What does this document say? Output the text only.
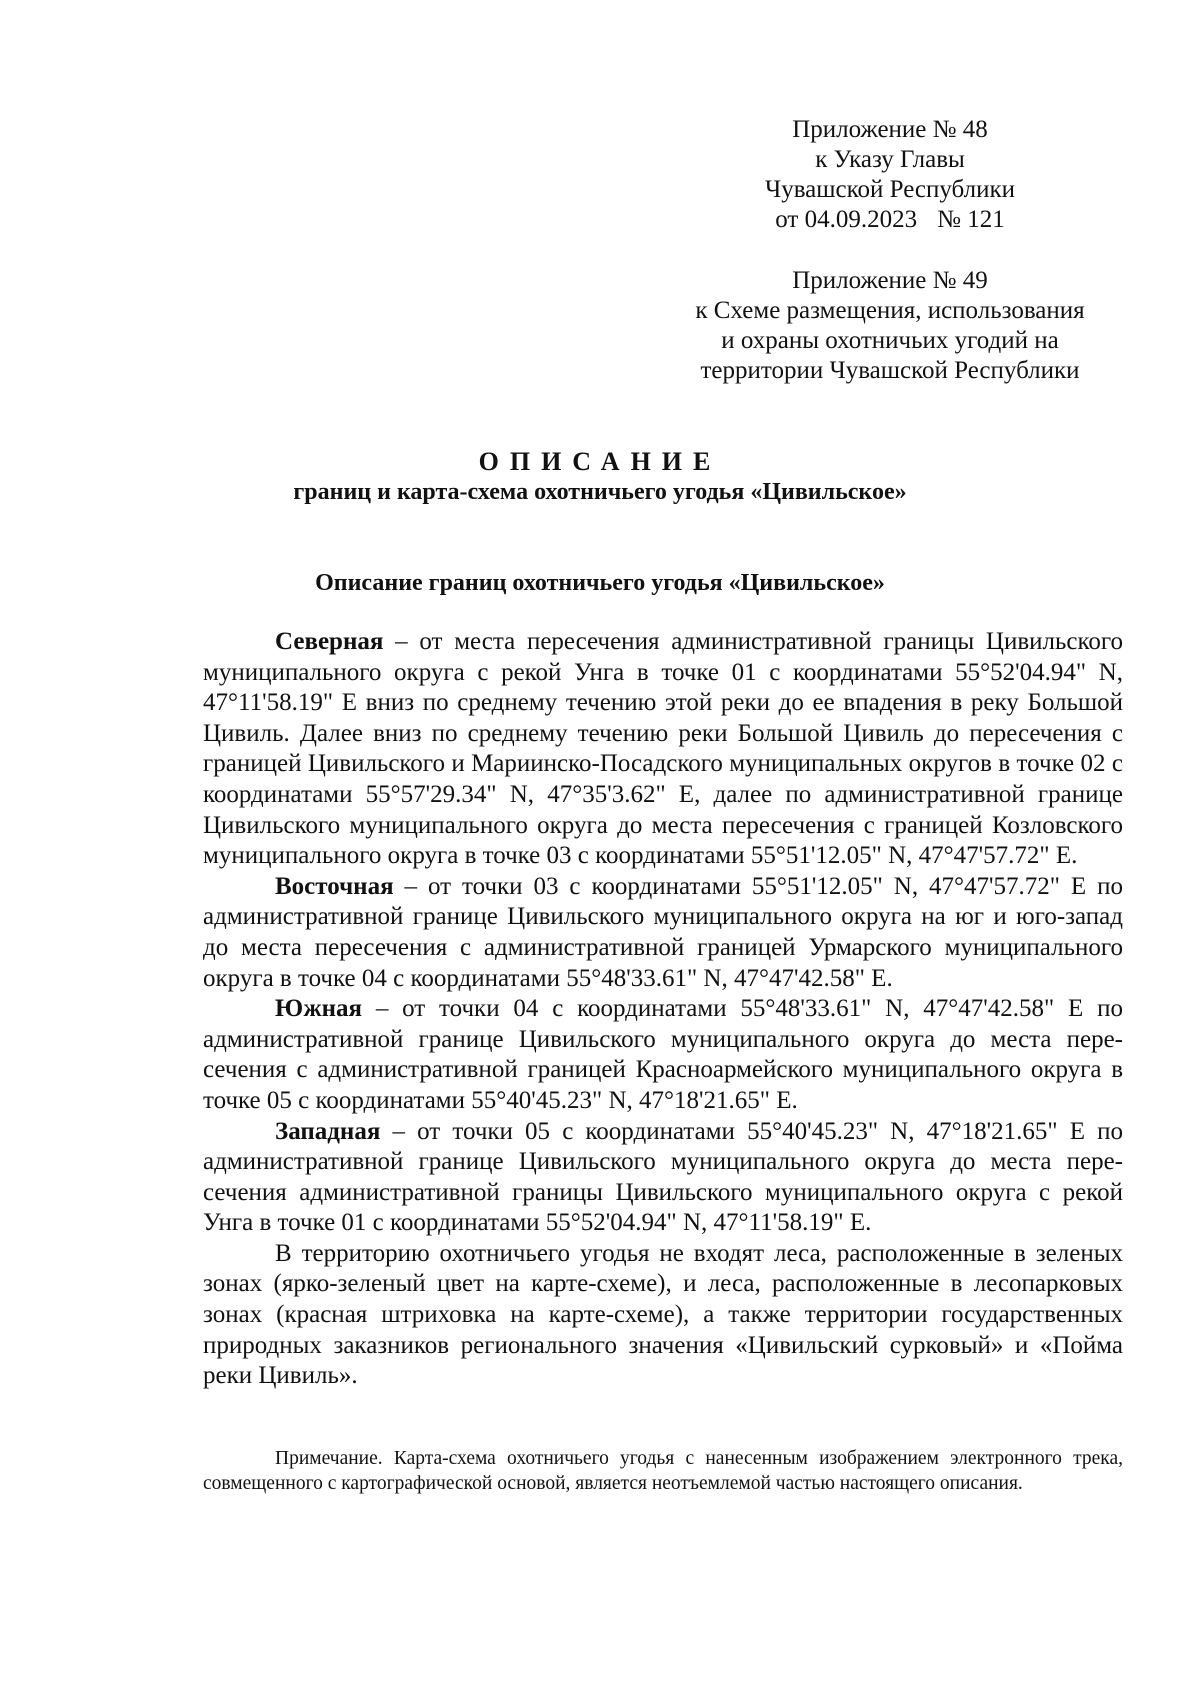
Приложение № 48
к Указу Главы
Чувашской Республики
от 04.09.2023 № 121
Приложение № 49
к Схеме размещения, использования
и охраны охотничьих угодий на
территории Чувашской Республики
ОПИСАНИЕ
границ и карта-схема охотничьего угодья «Цивильское»
Описание границ охотничьего угодья «Цивильское»

Северная – от места пересечения административной границы Цивильского муниципального округа с рекой Унга в точке 01 с координатами 55°52'04.94" N, 47°11'58.19" E вниз по среднему течению этой реки до ее впадения в реку Большой Цивиль. Далее вниз по среднему течению реки Большой Цивиль до пересечения с границей Цивильского и Мариинско-Посадского муниципальных округов в точке 02 с координатами 55°57'29.34" N, 47°35'3.62" E, далее по административной границе Цивильского муниципального округа до места пересечения с границей Козловского муниципального округа в точке 03 с координатами 55°51'12.05" N, 47°47'57.72" E.

Восточная – от точки 03 с координатами 55°51'12.05" N, 47°47'57.72" E по административной границе Цивильского муниципального округа на юг и юго-запад до места пересечения с административной границей Урмарского муниципального округа в точке 04 с координатами 55°48'33.61" N, 47°47'42.58" E.

Южная – от точки 04 с координатами 55°48'33.61" N, 47°47'42.58" E по административной границе Цивильского муниципального округа до места пересечения с административной границей Красноармейского муниципального округа в точке 05 с координатами 55°40'45.23" N, 47°18'21.65" E.

Западная – от точки 05 с координатами 55°40'45.23" N, 47°18'21.65" E по административной границе Цивильского муниципального округа до места пересечения административной границы Цивильского муниципального округа с рекой Унга в точке 01 с координатами 55°52'04.94" N, 47°11'58.19" E.

В территорию охотничьего угодья не входят леса, расположенные в зеленых зонах (ярко-зеленый цвет на карте-схеме), и леса, расположенные в лесопарковых зонах (красная штриховка на карте-схеме), а также территории государственных природных заказников регионального значения «Цивильский сурковый» и «Пойма реки Цивиль».

Примечание. Карта-схема охотничьего угодья с нанесенным изображением электронного трека, совмещенного с картографической основой, является неотъемлемой частью настоящего описания.
